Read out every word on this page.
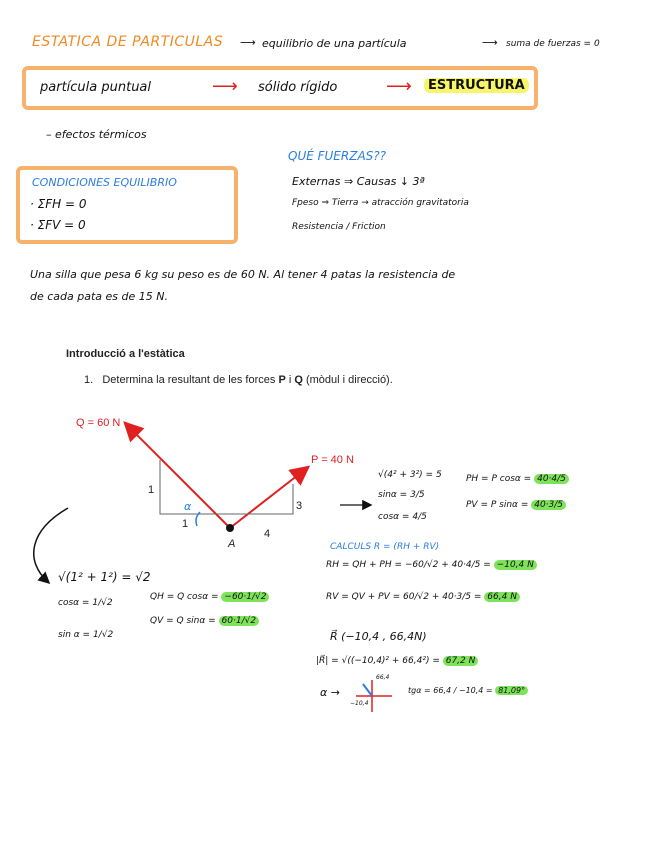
ESTATICA DE PARTICULAS ⟶ equilibrio de una partícula	⟶ suma de fuerzas = 0
partícula puntual	⟶ sólido rígido	⟶	ESTRUCTURA
– efectos térmicos
CONDICIONES EQUILIBRIO
· ΣFH = 0
· ΣFV = 0
QUÉ FUERZAS??
Externas ⇒ Causas ↓ 3ª
Fpeso ⇒ Tierra → atracción gravitatoria
Resistencia / Friction
Una silla que pesa 6 kg su peso es de 60 N. Al tener 4 patas la resistencia de
de cada pata es de 15 N.
Introducció a l'estàtica
1. Determina la resultant de les forces P i Q (mòdul i direcció).
Q = 60 N
P = 40 N
1
1
3
4
A
α
√(1² + 1²) = √2
cosα = 1/√2
sin α = 1/√2
QH = Q cosα = −60·1/√2
QV = Q sinα = 60·1/√2
√(4² + 3²) = 5
sinα = 3/5
cosα = 4/5
PH = P cosα = 40·4/5
PV = P sinα = 40·3/5
CALCULS R = (RH + RV)
RH = QH + PH = −60/√2 + 40·4/5 = −10,4 N
RV = QV + PV = 60/√2 + 40·3/5 = 66,4 N
R⃗ (−10,4 , 66,4N)
|R⃗| = √((−10,4)² + 66,4²) = 67,2 N
α →
66,4
−10,4
tgα = 66,4 / −10,4 = 81,09°
